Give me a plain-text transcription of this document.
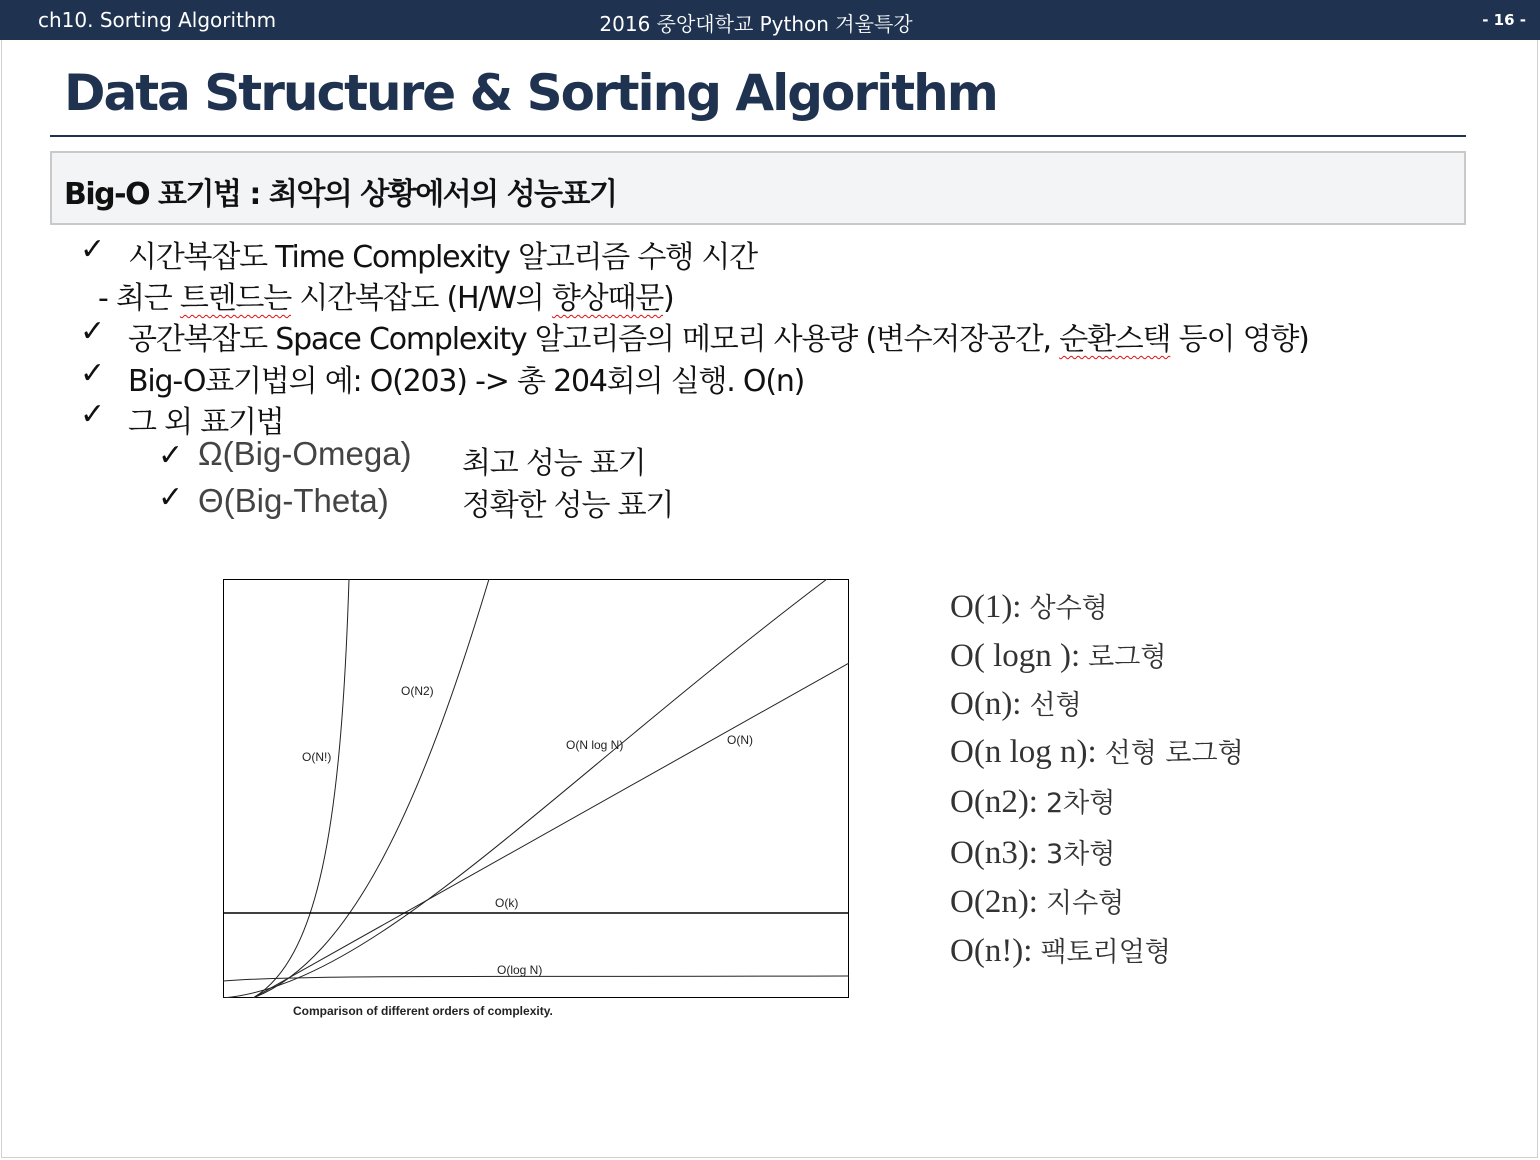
ch10. Sorting Algorithm	2016 중앙대학교 Python 겨울특강	- 16 -
Data Structure & Sorting Algorithm
Big-O 표기법 : 최악의 상황에서의 성능표기
✓ 시간복잡도 Time Complexity 알고리즘 수행 시간
- 최근 트렌드는 시간복잡도 (H/W의 향상때문)
✓ 공간복잡도 Space Complexity 알고리즘의 메모리 사용량 (변수저장공간, 순환스택 등이 영향)
✓ Big-O표기법의 예: O(203) -> 총 204회의 실행. O(n)
✓ 그 외 표기법
✓ Ω(Big-Omega) 최고 성능 표기
✓ Θ(Big-Theta) 정확한 성능 표기
O(N!)
O(N2)
O(N log N)	O(N)
O(k)
O(log N)
Comparison of different orders of complexity.
O(1): 상수형
O( logn ): 로그형
O(n): 선형
O(n log n): 선형 로그형
O(n2): 2차형
O(n3): 3차형
O(2n): 지수형
O(n!): 팩토리얼형
